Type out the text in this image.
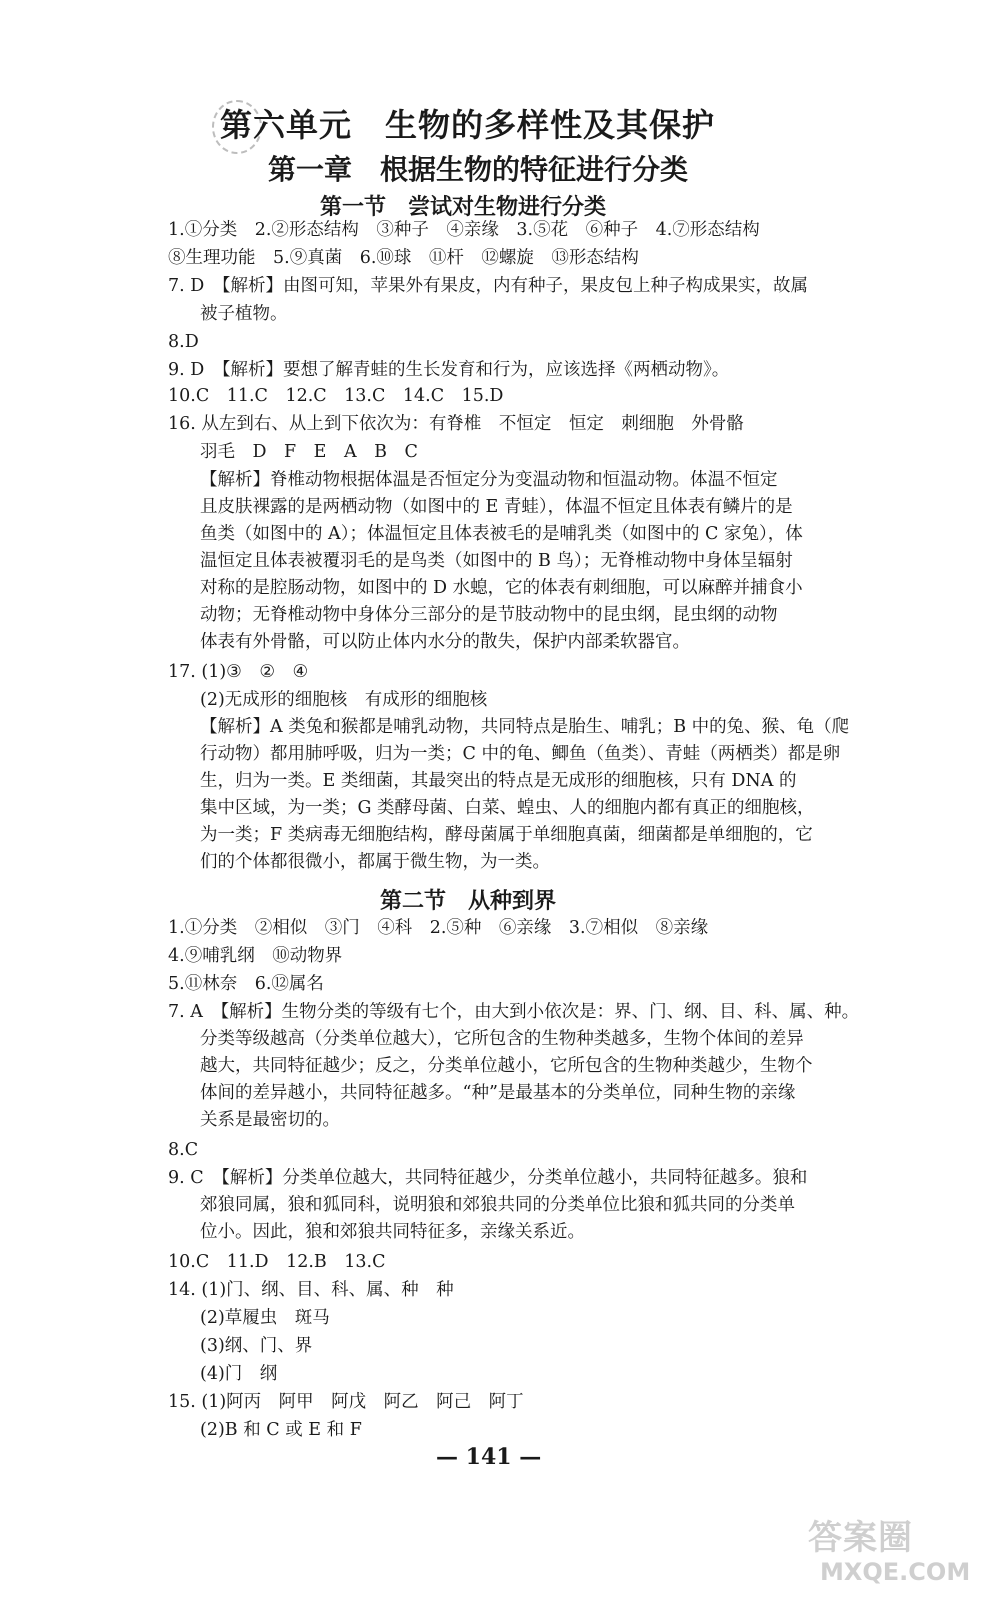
第六单元　生物的多样性及其保护
第一章　根据生物的特征进行分类
第一节　尝试对生物进行分类
1.①分类　2.②形态结构　③种子　④亲缘　3.⑤花　⑥种子　4.⑦形态结构
⑧生理功能　5.⑨真菌　6.⑩球　⑪杆　⑫螺旋　⑬形态结构
7. D　【解析】由图可知，苹果外有果皮，内有种子，果皮包上种子构成果实，故属
被子植物。
8.D
9. D　【解析】要想了解青蛙的生长发育和行为，应该选择《两栖动物》。
10.C　11.C　12.C　13.C　14.C　15.D
16. 从左到右、从上到下依次为：有脊椎　不恒定　恒定　刺细胞　外骨骼
羽毛　D　F　E　A　B　C
【解析】脊椎动物根据体温是否恒定分为变温动物和恒温动物。体温不恒定
且皮肤裸露的是两栖动物（如图中的 E 青蛙），体温不恒定且体表有鳞片的是
鱼类（如图中的 A）；体温恒定且体表被毛的是哺乳类（如图中的 C 家兔），体
温恒定且体表被覆羽毛的是鸟类（如图中的 B 鸟）；无脊椎动物中身体呈辐射
对称的是腔肠动物，如图中的 D 水螅，它的体表有刺细胞，可以麻醉并捕食小
动物；无脊椎动物中身体分三部分的是节肢动物中的昆虫纲，昆虫纲的动物
体表有外骨骼，可以防止体内水分的散失，保护内部柔软器官。
17. (1)③　②　④
(2)无成形的细胞核　有成形的细胞核
【解析】A 类兔和猴都是哺乳动物，共同特点是胎生、哺乳；B 中的兔、猴、龟（爬
行动物）都用肺呼吸，归为一类；C 中的龟、鲫鱼（鱼类）、青蛙（两栖类）都是卵
生，归为一类。E 类细菌，其最突出的特点是无成形的细胞核，只有 DNA 的
集中区域，为一类；G 类酵母菌、白菜、蝗虫、人的细胞内都有真正的细胞核，
为一类；F 类病毒无细胞结构，酵母菌属于单细胞真菌，细菌都是单细胞的，它
们的个体都很微小，都属于微生物，为一类。
第二节　从种到界
1.①分类　②相似　③门　④科　2.⑤种　⑥亲缘　3.⑦相似　⑧亲缘
4.⑨哺乳纲　⑩动物界
5.⑪林奈　6.⑫属名
7. A　【解析】生物分类的等级有七个，由大到小依次是：界、门、纲、目、科、属、种。
分类等级越高（分类单位越大），它所包含的生物种类越多，生物个体间的差异
越大，共同特征越少；反之，分类单位越小，它所包含的生物种类越少，生物个
体间的差异越小，共同特征越多。“种”是最基本的分类单位，同种生物的亲缘
关系是最密切的。
8.C
9. C　【解析】分类单位越大，共同特征越少，分类单位越小，共同特征越多。狼和
郊狼同属，狼和狐同科，说明狼和郊狼共同的分类单位比狼和狐共同的分类单
位小。因此，狼和郊狼共同特征多，亲缘关系近。
10.C　11.D　12.B　13.C
14. (1)门、纲、目、科、属、种　种
(2)草履虫　斑马
(3)纲、门、界
(4)门　纲
15. (1)阿丙　阿甲　阿戊　阿乙　阿己　阿丁
(2)B 和 C 或 E 和 F
— 141 —
答案圈
MXQE.COM
